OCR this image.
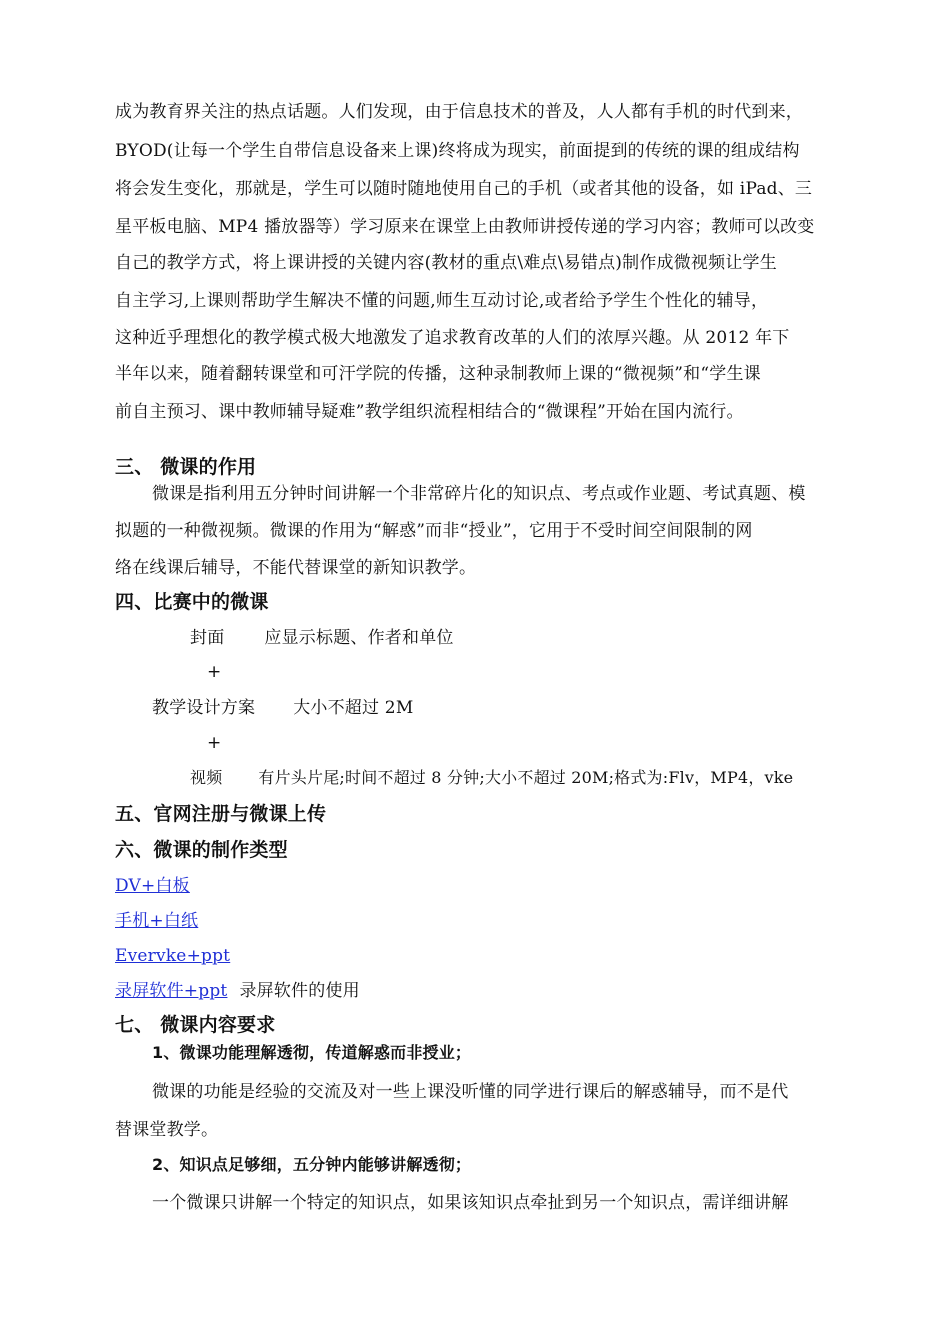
成为教育界关注的热点话题。人们发现，由于信息技术的普及，人人都有手机的时代到来，
BYOD(让每一个学生自带信息设备来上课)终将成为现实，前面提到的传统的课的组成结构
将会发生变化，那就是，学生可以随时随地使用自己的手机（或者其他的设备，如 iPad、三
星平板电脑、MP4 播放器等）学习原来在课堂上由教师讲授传递的学习内容；教师可以改变
自己的教学方式，将上课讲授的关键内容(教材的重点\难点\易错点)制作成微视频让学生
自主学习,上课则帮助学生解决不懂的问题,师生互动讨论,或者给予学生个性化的辅导，
这种近乎理想化的教学模式极大地激发了追求教育改革的人们的浓厚兴趣。从 2012 年下
半年以来，随着翻转课堂和可汗学院的传播，这种录制教师上课的“微视频”和“学生课
前自主预习、课中教师辅导疑难”教学组织流程相结合的“微课程”开始在国内流行。
三、 微课的作用
微课是指利用五分钟时间讲解一个非常碎片化的知识点、考点或作业题、考试真题、模
拟题的一种微视频。微课的作用为“解惑”而非“授业”，它用于不受时间空间限制的网
络在线课后辅导，不能代替课堂的新知识教学。
四、比赛中的微课
封面 应显示标题、作者和单位
+
教学设计方案 大小不超过 2M
+
视频 有片头片尾;时间不超过 8 分钟;大小不超过 20M;格式为:Flv，MP4，vke
五、官网注册与微课上传
六、微课的制作类型
DV+白板
手机+白纸
Evervke+ppt
录屏软件+ppt 录屏软件的使用
七、 微课内容要求
1、微课功能理解透彻，传道解惑而非授业；
微课的功能是经验的交流及对一些上课没听懂的同学进行课后的解惑辅导，而不是代
替课堂教学。
2、知识点足够细，五分钟内能够讲解透彻；
一个微课只讲解一个特定的知识点，如果该知识点牵扯到另一个知识点，需详细讲解
